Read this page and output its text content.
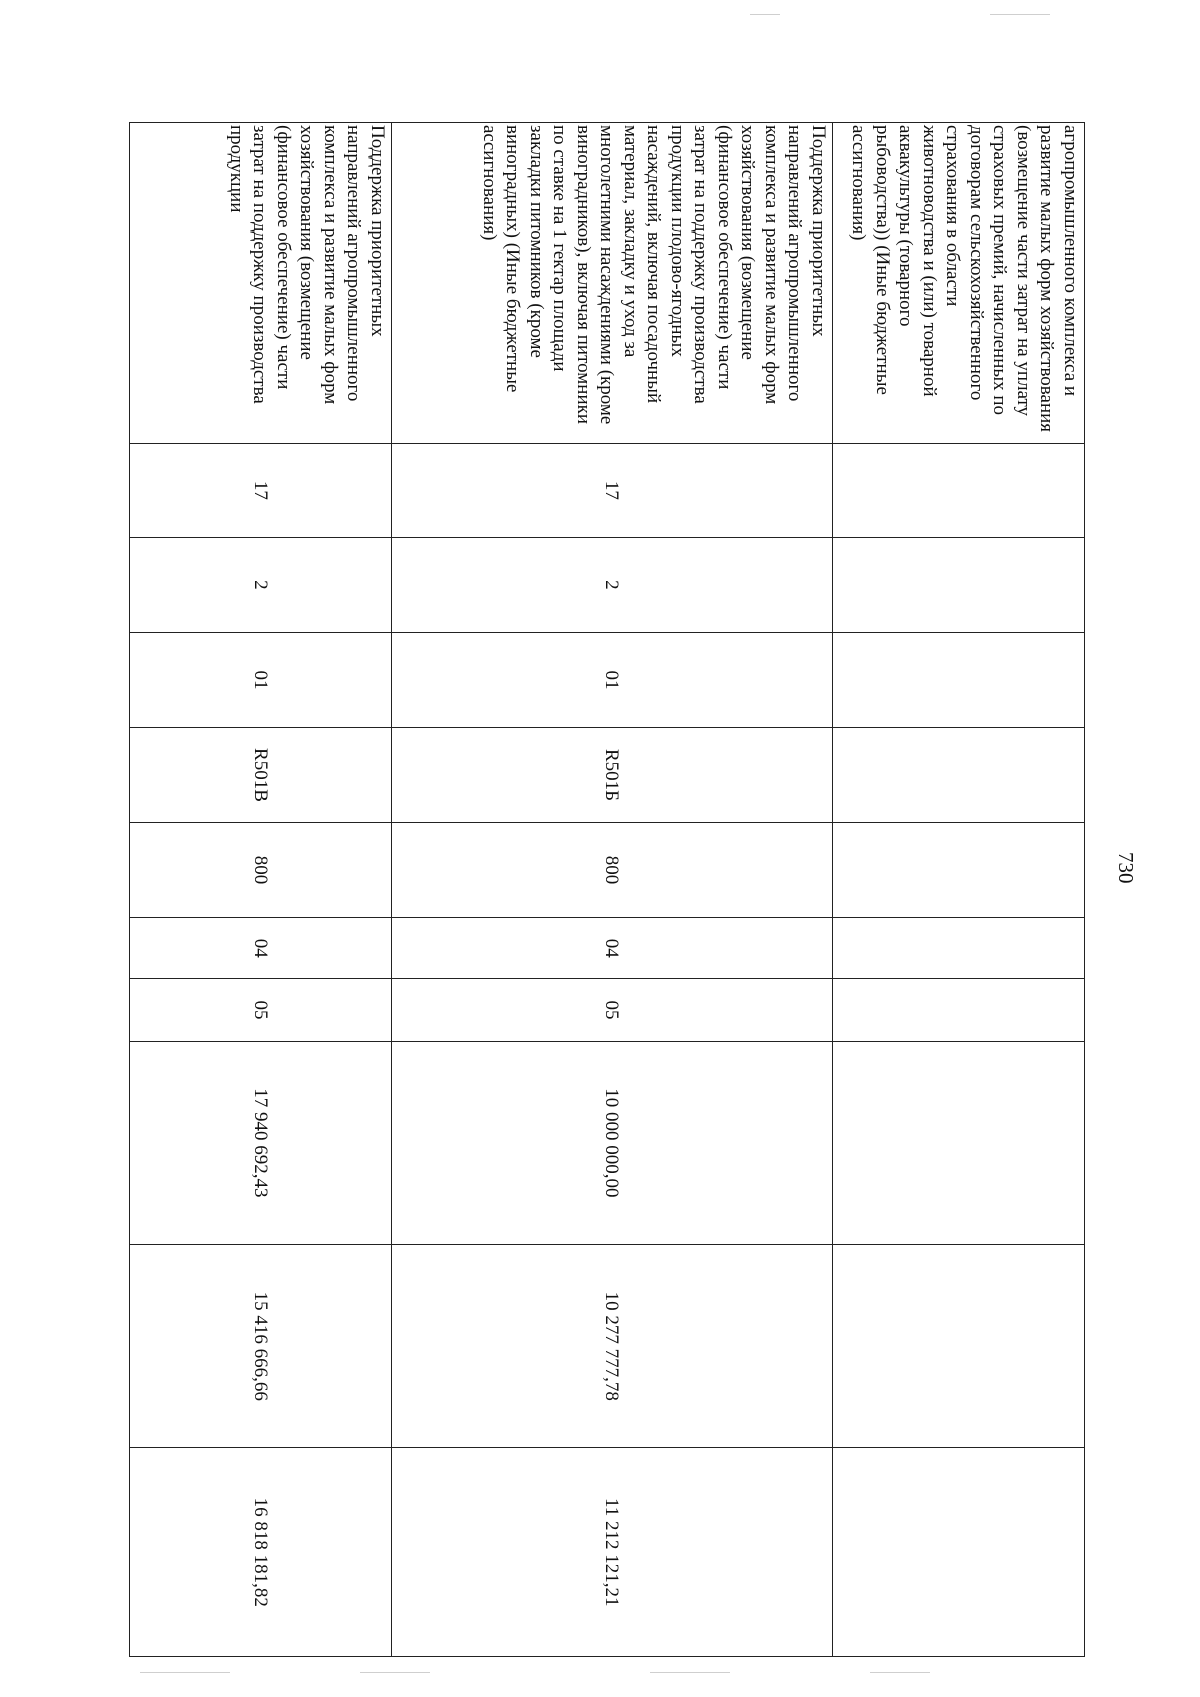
730
агропромышленного комплекса и развитие малых форм хозяйствования (возмещение части затрат на уплату страховых премий, начисленных по договорам сельскохозяйственного страхования в области животноводства и (или) товарной аквакультуры (товарного рыбоводства)) (Иные бюджетные ассигнования)										
Поддержка приоритетных направлений агропромышленного комплекса и развитие малых форм хозяйствования (возмещение (финансовое обеспечение) части затрат на поддержку производства продукции плодово-ягодных насаждений, включая посадочный материал, закладку и уход за многолетними насаждениями (кроме виноградников), включая питомники по ставке на 1 гектар площади закладки питомников (кроме виноградных) (Иные бюджетные ассигнования)	17	2	01	R501Б	800	04	05	10 000 000,00	10 277 777,78	11 212 121,21
Поддержка приоритетных направлений агропромышленного комплекса и развитие малых форм хозяйствования (возмещение (финансовое обеспечение) части затрат на поддержку производства продукции	17	2	01	R501В	800	04	05	17 940 692,43	15 416 666,66	16 818 181,82
